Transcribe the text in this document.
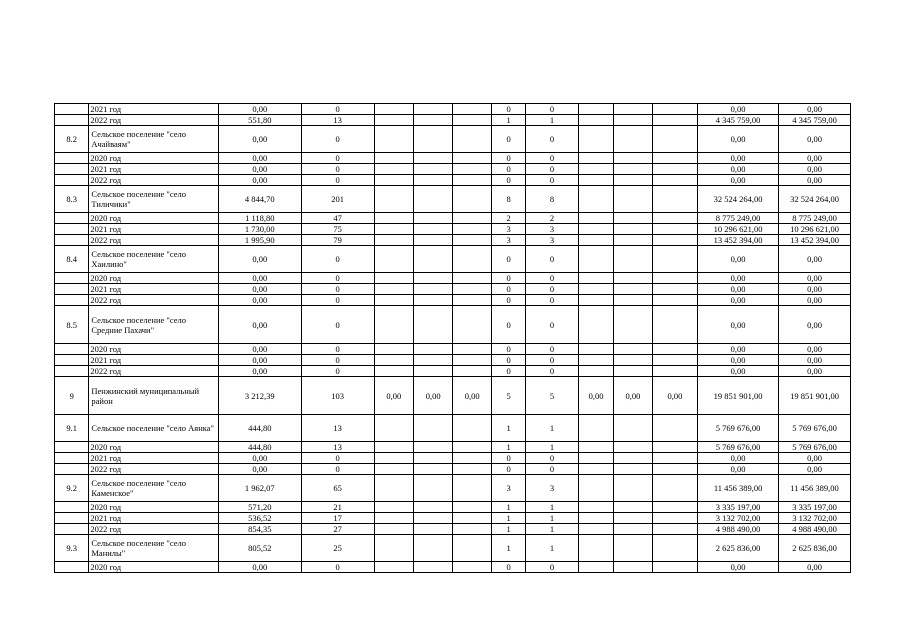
	2021 год	0,00	0				0	0				0,00	0,00
	2022 год	551,80	13				1	1				4 345 759,00	4 345 759,00
8.2	Сельское поселение "село Ачайваям"	0,00	0				0	0				0,00	0,00
	2020 год	0,00	0				0	0				0,00	0,00
	2021 год	0,00	0				0	0				0,00	0,00
	2022 год	0,00	0				0	0				0,00	0,00
8.3	Сельское поселение "село Тиличики"	4 844,70	201				8	8				32 524 264,00	32 524 264,00
	2020 год	1 118,80	47				2	2				8 775 249,00	8 775 249,00
	2021 год	1 730,00	75				3	3				10 296 621,00	10 296 621,00
	2022 год	1 995,90	79				3	3				13 452 394,00	13 452 394,00
8.4	Сельское поселение "село Хаилино"	0,00	0				0	0				0,00	0,00
	2020 год	0,00	0				0	0				0,00	0,00
	2021 год	0,00	0				0	0				0,00	0,00
	2022 год	0,00	0				0	0				0,00	0,00
8.5	Сельское поселение "село Средние Пахачи"	0,00	0				0	0				0,00	0,00
	2020 год	0,00	0				0	0				0,00	0,00
	2021 год	0,00	0				0	0				0,00	0,00
	2022 год	0,00	0				0	0				0,00	0,00
9	Пенжинский муниципальный район	3 212,39	103	0,00	0,00	0,00	5	5	0,00	0,00	0,00	19 851 901,00	19 851 901,00
9.1	Сельское поселение "село Аянка"	444,80	13				1	1				5 769 676,00	5 769 676,00
	2020 год	444,80	13				1	1				5 769 676,00	5 769 676,00
	2021 год	0,00	0				0	0				0,00	0,00
	2022 год	0,00	0				0	0				0,00	0,00
9.2	Сельское поселение "село Каменское"	1 962,07	65				3	3				11 456 389,00	11 456 389,00
	2020 год	571,20	21				1	1				3 335 197,00	3 335 197,00
	2021 год	536,52	17				1	1				3 132 702,00	3 132 702,00
	2022 год	854,35	27				1	1				4 988 490,00	4 988 490,00
9.3	Сельское поселение "село Манилы"	805,52	25				1	1				2 625 836,00	2 625 836,00
	2020 год	0,00	0				0	0				0,00	0,00
